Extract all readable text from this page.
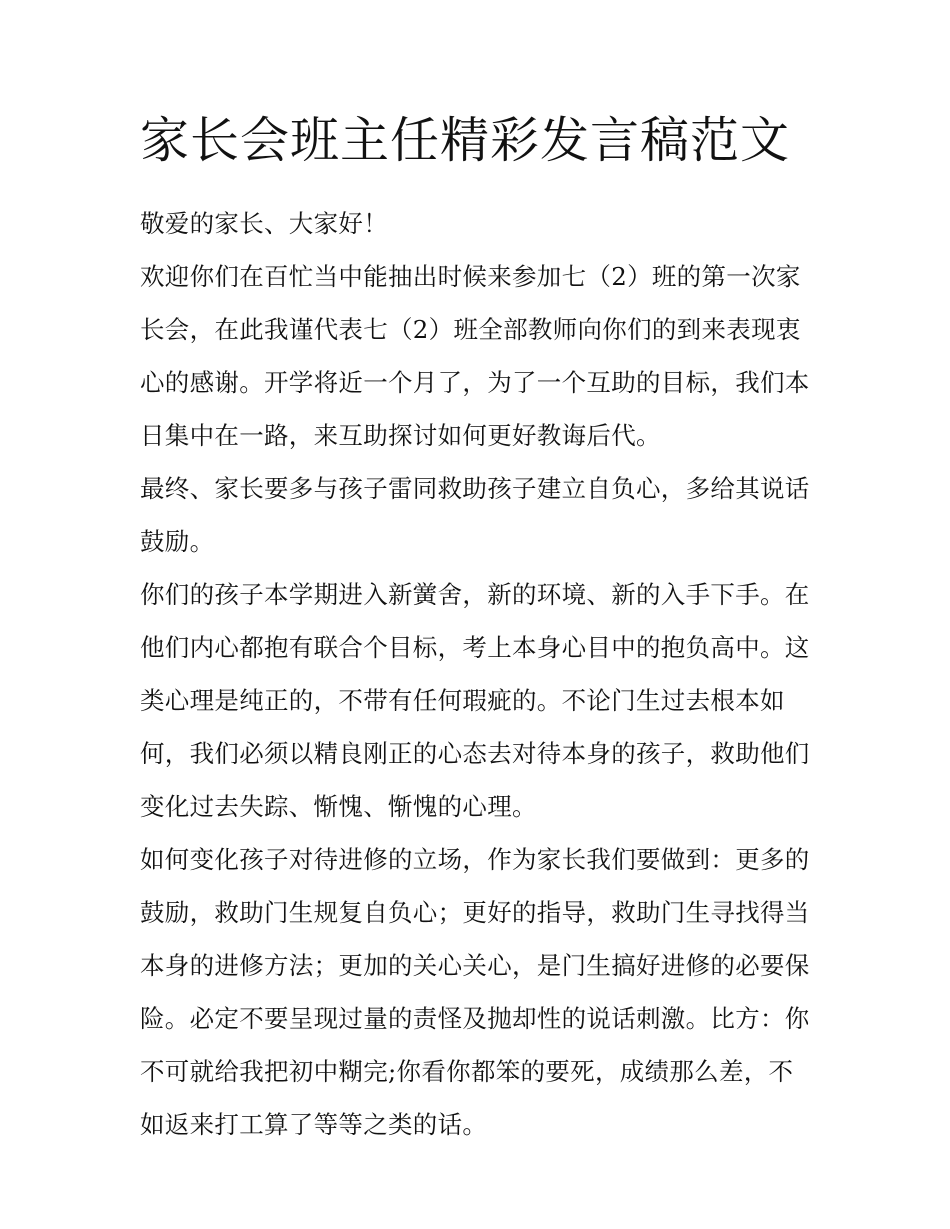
家长会班主任精彩发言稿范文

敬爱的家长、大家好！

欢迎你们在百忙当中能抽出时候来参加七（2）班的第一次家

长会，在此我谨代表七（2）班全部教师向你们的到来表现衷

心的感谢。开学将近一个月了，为了一个互助的目标，我们本

日集中在一路，来互助探讨如何更好教诲后代。

最终、家长要多与孩子雷同救助孩子建立自负心，多给其说话

鼓励。

你们的孩子本学期进入新黉舍，新的环境、新的入手下手。在

他们内心都抱有联合个目标，考上本身心目中的抱负高中。这

类心理是纯正的，不带有任何瑕疵的。不论门生过去根本如

何，我们必须以精良刚正的心态去对待本身的孩子，救助他们

变化过去失踪、惭愧、惭愧的心理。

如何变化孩子对待进修的立场，作为家长我们要做到：更多的

鼓励，救助门生规复自负心；更好的指导，救助门生寻找得当

本身的进修方法；更加的关心关心，是门生搞好进修的必要保

险。必定不要呈现过量的责怪及抛却性的说话刺激。比方：你

不可就给我把初中糊完;你看你都笨的要死，成绩那么差，不

如返来打工算了等等之类的话。
